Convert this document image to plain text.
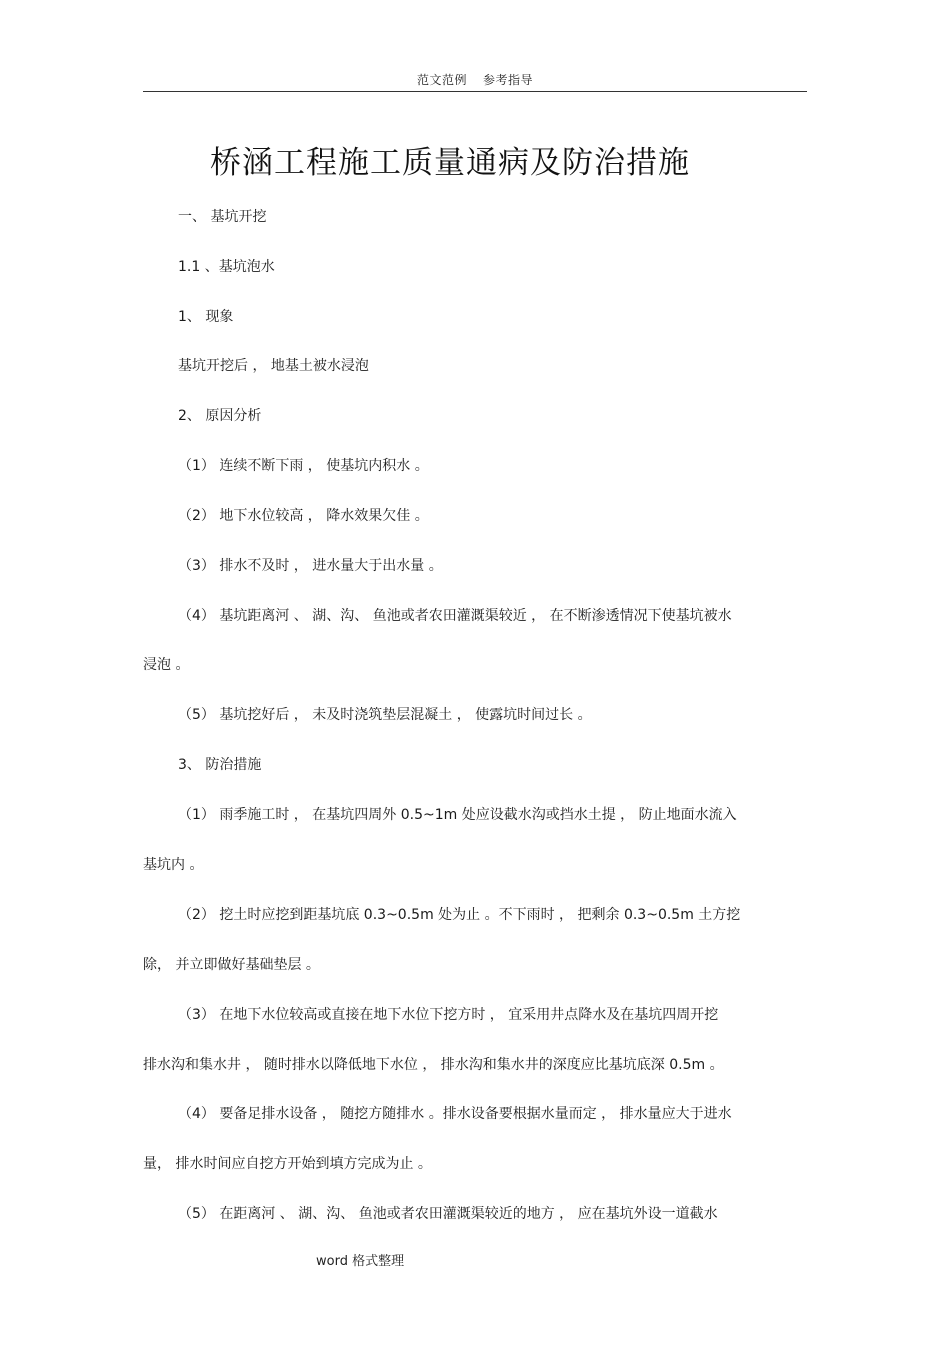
范文范例 参考指导
桥涵工程施工质量通病及防治措施
一、 基坑开挖
1.1 、基坑泡水
1、 现象
基坑开挖后 ， 地基土被水浸泡
2、 原因分析
（1） 连续不断下雨 ， 使基坑内积水 。
（2） 地下水位较高 ， 降水效果欠佳 。
（3） 排水不及时 ， 进水量大于出水量 。
（4） 基坑距离河 、 湖、沟、 鱼池或者农田灌溉渠较近 ， 在不断渗透情况下使基坑被水
浸泡 。
（5） 基坑挖好后 ， 未及时浇筑垫层混凝土 ， 使露坑时间过长 。
3、 防治措施
（1） 雨季施工时 ， 在基坑四周外 0.5~1m 处应设截水沟或挡水土提 ， 防止地面水流入
基坑内 。
（2） 挖土时应挖到距基坑底 0.3~0.5m 处为止 。不下雨时 ， 把剩余 0.3~0.5m 土方挖
除， 并立即做好基础垫层 。
（3） 在地下水位较高或直接在地下水位下挖方时 ， 宜采用井点降水及在基坑四周开挖
排水沟和集水井 ， 随时排水以降低地下水位 ， 排水沟和集水井的深度应比基坑底深 0.5m 。
（4） 要备足排水设备 ， 随挖方随排水 。排水设备要根据水量而定 ， 排水量应大于进水
量， 排水时间应自挖方开始到填方完成为止 。
（5） 在距离河 、 湖、沟、 鱼池或者农田灌溉渠较近的地方 ， 应在基坑外设一道截水
word 格式整理
